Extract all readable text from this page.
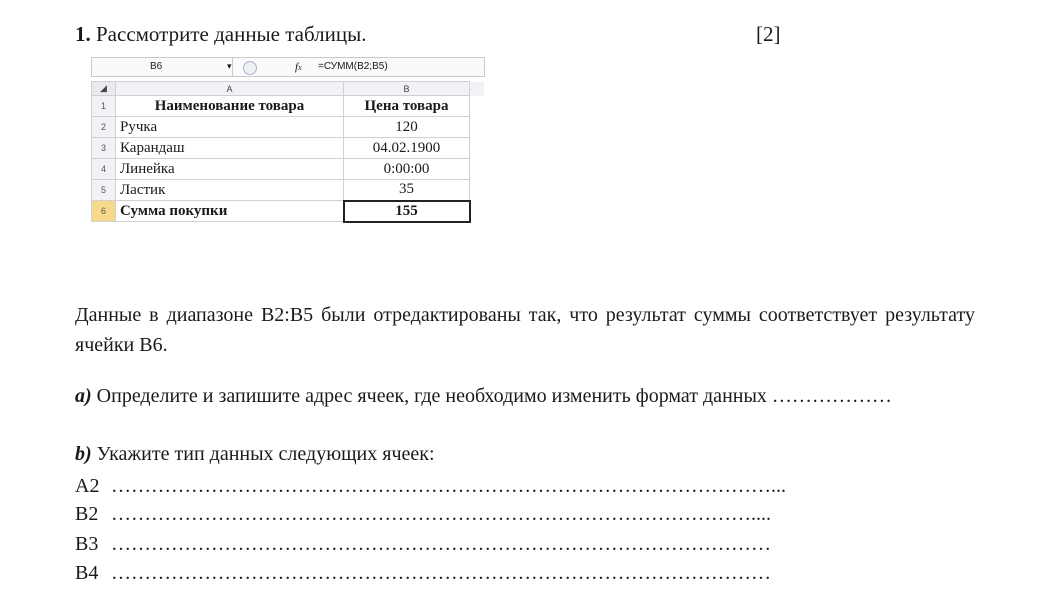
1. Рассмотрите данные таблицы.	[2]
B6	▾	fx =СУММ(B2;B5)
◢	A	B	
1	Наименование товара	Цена товара	
2	Ручка	120	
3	Карандаш	04.02.1900	
4	Линейка	0:00:00	
5	Ластик	35	
6	Сумма покупки	155	
Данные в диапазоне B2:B5 были отредактированы так, что результат суммы соответствует результату ячейки B6.
a) Определите и запишите адрес ячеек, где необходимо изменить формат данных ………………
b) Укажите тип данных следующих ячеек:
A2 ………………………………………………………………………………………...
B2 ……………………………………………………………………………………....
B3 ………………………………………………………………………………………
B4 ………………………………………………………………………………………
